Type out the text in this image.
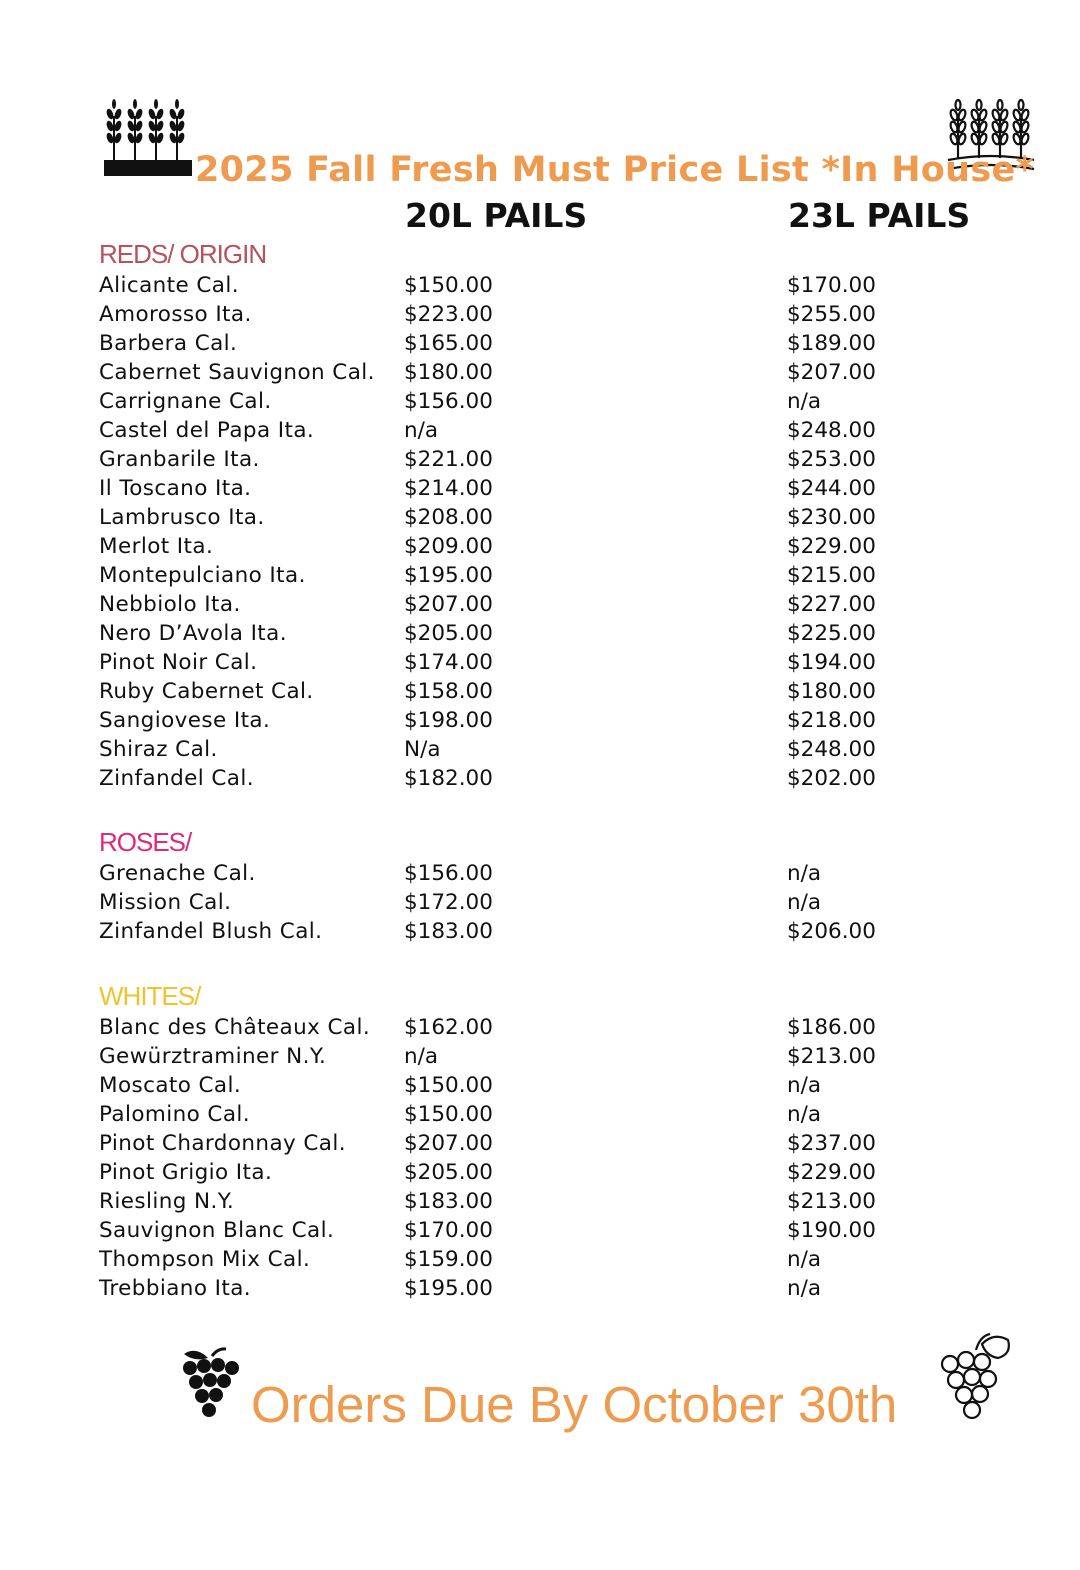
2025 Fall Fresh Must Price List *In House*
20L PAILS	23L PAILS
REDS/ ORIGIN
Alicante Cal.	$150.00	$170.00
Amorosso Ita.	$223.00	$255.00
Barbera Cal.	$165.00	$189.00
Cabernet Sauvignon Cal. $180.00	$207.00
Carrignane Cal.	$156.00	n/a
Castel del Papa Ita.	n/a	$248.00
Granbarile Ita.	$221.00	$253.00
Il Toscano Ita.	$214.00	$244.00
Lambrusco Ita.	$208.00	$230.00
Merlot Ita.	$209.00	$229.00
Montepulciano Ita.	$195.00	$215.00
Nebbiolo Ita.	$207.00	$227.00
Nero D’Avola Ita.	$205.00	$225.00
Pinot Noir Cal.	$174.00	$194.00
Ruby Cabernet Cal.	$158.00	$180.00
Sangiovese Ita.	$198.00	$218.00
Shiraz Cal.	N/a	$248.00
Zinfandel Cal.	$182.00	$202.00
ROSES/
Grenache Cal.	$156.00	n/a
Mission Cal.	$172.00	n/a
Zinfandel Blush Cal.	$183.00	$206.00
WHITES/
Blanc des Châteaux Cal. $162.00	$186.00
Gewürztraminer N.Y.	n/a	$213.00
Moscato Cal.	$150.00	n/a
Palomino Cal.	$150.00	n/a
Pinot Chardonnay Cal.	$207.00	$237.00
Pinot Grigio Ita.	$205.00	$229.00
Riesling N.Y.	$183.00	$213.00
Sauvignon Blanc Cal.	$170.00	$190.00
Thompson Mix Cal.	$159.00	n/a
Trebbiano Ita.	$195.00	n/a

Orders Due By October 30th
